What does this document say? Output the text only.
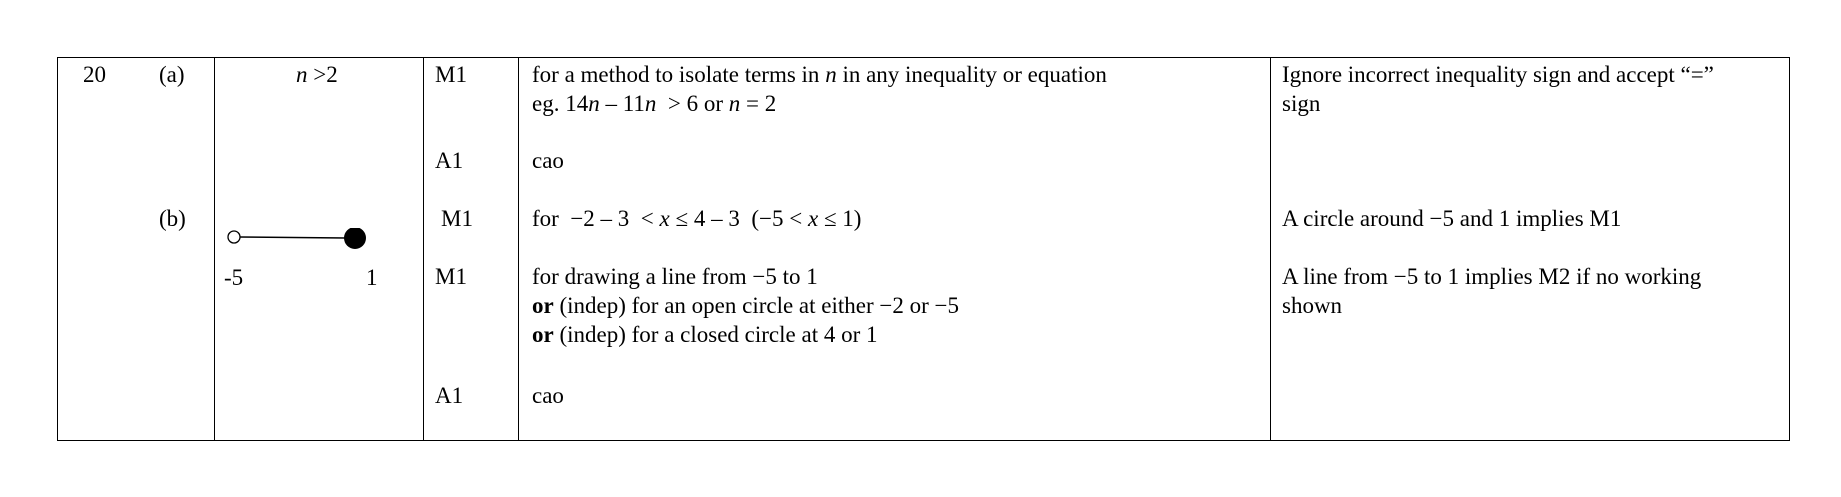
20 (a)
(b)
n >2
-5	1
M1
A1
M1
M1
A1
for a method to isolate terms in n in any inequality or equation
eg. 14n – 11n  > 6 or n = 2
cao
for  −2 – 3  < x ≤ 4 – 3  (−5 < x ≤ 1)
for drawing a line from −5 to 1
or (indep) for an open circle at either −2 or −5
or (indep) for a closed circle at 4 or 1
cao
Ignore incorrect inequality sign and accept “=”
sign
A circle around −5 and 1 implies M1
A line from −5 to 1 implies M2 if no working
shown
